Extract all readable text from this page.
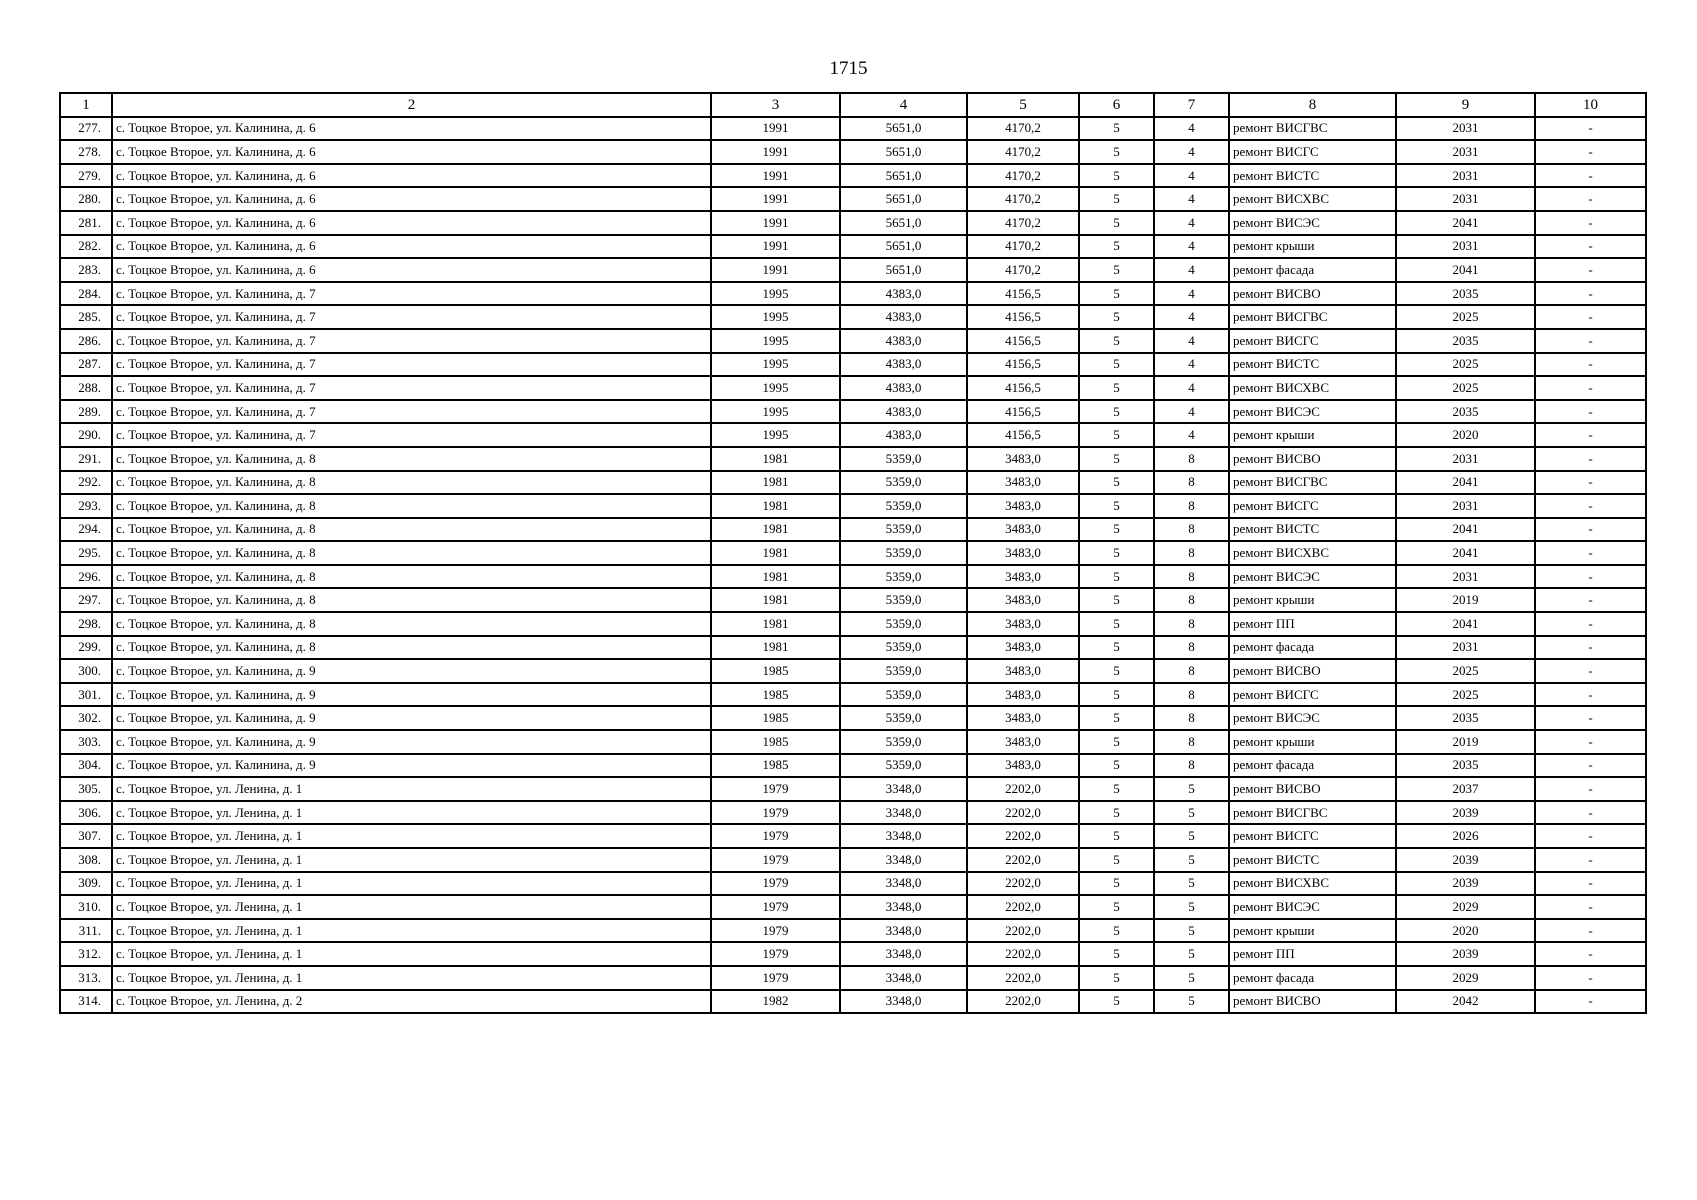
1715
1	2	3	4	5	6	7	8	9	10
277.	с. Тоцкое Второе, ул. Калинина, д. 6	1991	5651,0	4170,2	5	4	ремонт ВИСГВС	2031	-
278.	с. Тоцкое Второе, ул. Калинина, д. 6	1991	5651,0	4170,2	5	4	ремонт ВИСГС	2031	-
279.	с. Тоцкое Второе, ул. Калинина, д. 6	1991	5651,0	4170,2	5	4	ремонт ВИСТС	2031	-
280.	с. Тоцкое Второе, ул. Калинина, д. 6	1991	5651,0	4170,2	5	4	ремонт ВИСХВС	2031	-
281.	с. Тоцкое Второе, ул. Калинина, д. 6	1991	5651,0	4170,2	5	4	ремонт ВИСЭС	2041	-
282.	с. Тоцкое Второе, ул. Калинина, д. 6	1991	5651,0	4170,2	5	4	ремонт крыши	2031	-
283.	с. Тоцкое Второе, ул. Калинина, д. 6	1991	5651,0	4170,2	5	4	ремонт фасада	2041	-
284.	с. Тоцкое Второе, ул. Калинина, д. 7	1995	4383,0	4156,5	5	4	ремонт ВИСВО	2035	-
285.	с. Тоцкое Второе, ул. Калинина, д. 7	1995	4383,0	4156,5	5	4	ремонт ВИСГВС	2025	-
286.	с. Тоцкое Второе, ул. Калинина, д. 7	1995	4383,0	4156,5	5	4	ремонт ВИСГС	2035	-
287.	с. Тоцкое Второе, ул. Калинина, д. 7	1995	4383,0	4156,5	5	4	ремонт ВИСТС	2025	-
288.	с. Тоцкое Второе, ул. Калинина, д. 7	1995	4383,0	4156,5	5	4	ремонт ВИСХВС	2025	-
289.	с. Тоцкое Второе, ул. Калинина, д. 7	1995	4383,0	4156,5	5	4	ремонт ВИСЭС	2035	-
290.	с. Тоцкое Второе, ул. Калинина, д. 7	1995	4383,0	4156,5	5	4	ремонт крыши	2020	-
291.	с. Тоцкое Второе, ул. Калинина, д. 8	1981	5359,0	3483,0	5	8	ремонт ВИСВО	2031	-
292.	с. Тоцкое Второе, ул. Калинина, д. 8	1981	5359,0	3483,0	5	8	ремонт ВИСГВС	2041	-
293.	с. Тоцкое Второе, ул. Калинина, д. 8	1981	5359,0	3483,0	5	8	ремонт ВИСГС	2031	-
294.	с. Тоцкое Второе, ул. Калинина, д. 8	1981	5359,0	3483,0	5	8	ремонт ВИСТС	2041	-
295.	с. Тоцкое Второе, ул. Калинина, д. 8	1981	5359,0	3483,0	5	8	ремонт ВИСХВС	2041	-
296.	с. Тоцкое Второе, ул. Калинина, д. 8	1981	5359,0	3483,0	5	8	ремонт ВИСЭС	2031	-
297.	с. Тоцкое Второе, ул. Калинина, д. 8	1981	5359,0	3483,0	5	8	ремонт крыши	2019	-
298.	с. Тоцкое Второе, ул. Калинина, д. 8	1981	5359,0	3483,0	5	8	ремонт ПП	2041	-
299.	с. Тоцкое Второе, ул. Калинина, д. 8	1981	5359,0	3483,0	5	8	ремонт фасада	2031	-
300.	с. Тоцкое Второе, ул. Калинина, д. 9	1985	5359,0	3483,0	5	8	ремонт ВИСВО	2025	-
301.	с. Тоцкое Второе, ул. Калинина, д. 9	1985	5359,0	3483,0	5	8	ремонт ВИСГС	2025	-
302.	с. Тоцкое Второе, ул. Калинина, д. 9	1985	5359,0	3483,0	5	8	ремонт ВИСЭС	2035	-
303.	с. Тоцкое Второе, ул. Калинина, д. 9	1985	5359,0	3483,0	5	8	ремонт крыши	2019	-
304.	с. Тоцкое Второе, ул. Калинина, д. 9	1985	5359,0	3483,0	5	8	ремонт фасада	2035	-
305.	с. Тоцкое Второе, ул. Ленина, д. 1	1979	3348,0	2202,0	5	5	ремонт ВИСВО	2037	-
306.	с. Тоцкое Второе, ул. Ленина, д. 1	1979	3348,0	2202,0	5	5	ремонт ВИСГВС	2039	-
307.	с. Тоцкое Второе, ул. Ленина, д. 1	1979	3348,0	2202,0	5	5	ремонт ВИСГС	2026	-
308.	с. Тоцкое Второе, ул. Ленина, д. 1	1979	3348,0	2202,0	5	5	ремонт ВИСТС	2039	-
309.	с. Тоцкое Второе, ул. Ленина, д. 1	1979	3348,0	2202,0	5	5	ремонт ВИСХВС	2039	-
310.	с. Тоцкое Второе, ул. Ленина, д. 1	1979	3348,0	2202,0	5	5	ремонт ВИСЭС	2029	-
311.	с. Тоцкое Второе, ул. Ленина, д. 1	1979	3348,0	2202,0	5	5	ремонт крыши	2020	-
312.	с. Тоцкое Второе, ул. Ленина, д. 1	1979	3348,0	2202,0	5	5	ремонт ПП	2039	-
313.	с. Тоцкое Второе, ул. Ленина, д. 1	1979	3348,0	2202,0	5	5	ремонт фасада	2029	-
314.	с. Тоцкое Второе, ул. Ленина, д. 2	1982	3348,0	2202,0	5	5	ремонт ВИСВО	2042	-
